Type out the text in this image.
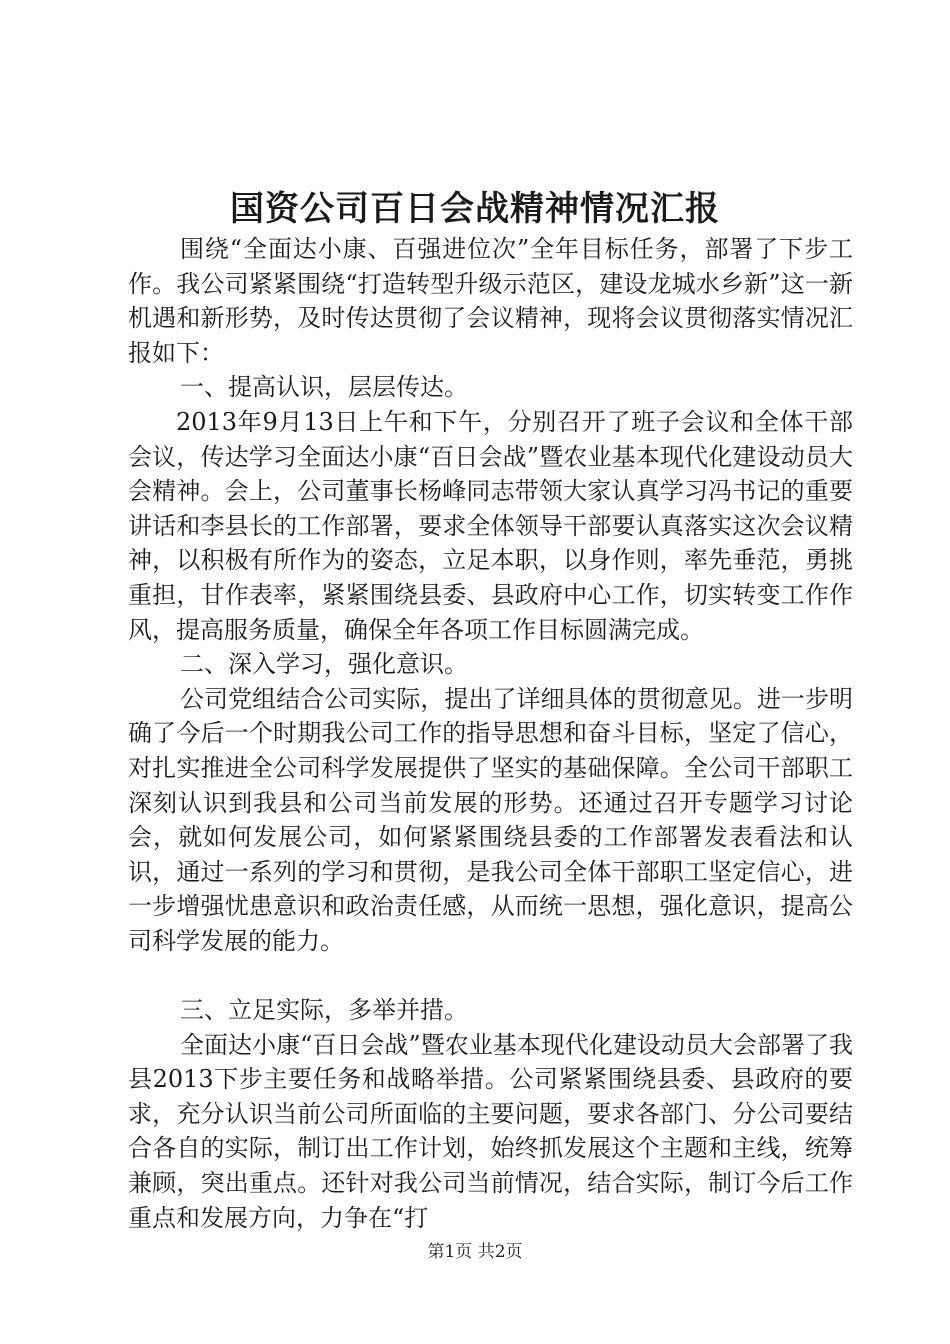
国资公司百日会战精神情况汇报

围绕“全面达小康、百强进位次”全年目标任务，部署了下步工作。我公司紧紧围绕“打造转型升级示范区，建设龙城水乡新”这一新机遇和新形势，及时传达贯彻了会议精神，现将会议贯彻落实情况汇报如下：

一、提高认识，层层传达。

2013年9月13日上午和下午，分别召开了班子会议和全体干部会议，传达学习全面达小康“百日会战”暨农业基本现代化建设动员大会精神。会上，公司董事长杨峰同志带领大家认真学习冯书记的重要讲话和李县长的工作部署，要求全体领导干部要认真落实这次会议精神，以积极有所作为的姿态，立足本职，以身作则，率先垂范，勇挑重担，甘作表率，紧紧围绕县委、县政府中心工作，切实转变工作作风，提高服务质量，确保全年各项工作目标圆满完成。

二、深入学习，强化意识。

公司党组结合公司实际，提出了详细具体的贯彻意见。进一步明确了今后一个时期我公司工作的指导思想和奋斗目标，坚定了信心，对扎实推进全公司科学发展提供了坚实的基础保障。全公司干部职工深刻认识到我县和公司当前发展的形势。还通过召开专题学习讨论会，就如何发展公司，如何紧紧围绕县委的工作部署发表看法和认识，通过一系列的学习和贯彻，是我公司全体干部职工坚定信心，进一步增强忧患意识和政治责任感，从而统一思想，强化意识，提高公司科学发展的能力。

三、立足实际，多举并措。

全面达小康“百日会战”暨农业基本现代化建设动员大会部署了我县2013下步主要任务和战略举措。公司紧紧围绕县委、县政府的要求，充分认识当前公司所面临的主要问题，要求各部门、分公司要结合各自的实际，制订出工作计划，始终抓发展这个主题和主线，统筹兼顾，突出重点。还针对我公司当前情况，结合实际，制订今后工作重点和发展方向，力争在“打

第1页 共2页
